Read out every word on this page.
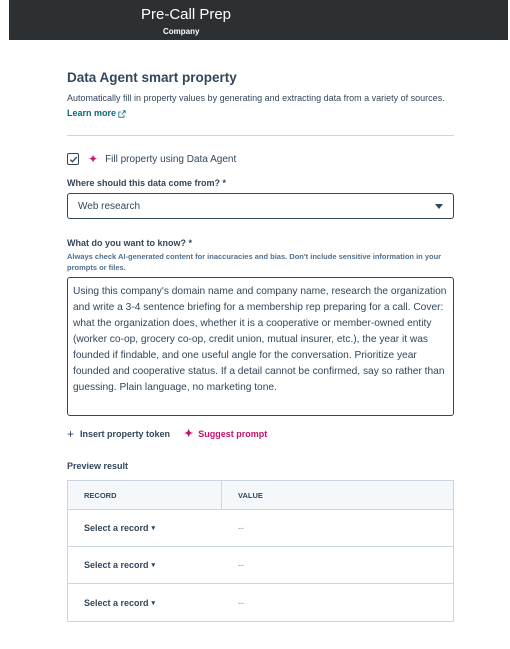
Pre-Call Prep
Company
Data Agent smart property
Automatically fill in property values by generating and extracting data from a variety of sources. Learn more
✦ Fill property using Data Agent
Where should this data come from? *
Web research
What do you want to know? *
Always check AI-generated content for inaccuracies and bias. Don't include sensitive information in your prompts or files.
Using this company's domain name and company name, research the organization and write a 3-4 sentence briefing for a membership rep preparing for a call. Cover: what the organization does, whether it is a cooperative or member-owned entity (worker co-op, grocery co-op, credit union, mutual insurer, etc.), the year it was founded if findable, and one useful angle for the conversation. Prioritize year founded and cooperative status. If a detail cannot be confirmed, say so rather than guessing. Plain language, no marketing tone.
+ Insert property token ✦ Suggest prompt
Preview result
RECORD	VALUE
Select a record ▾	--
Select a record ▾	--
Select a record ▾	--
